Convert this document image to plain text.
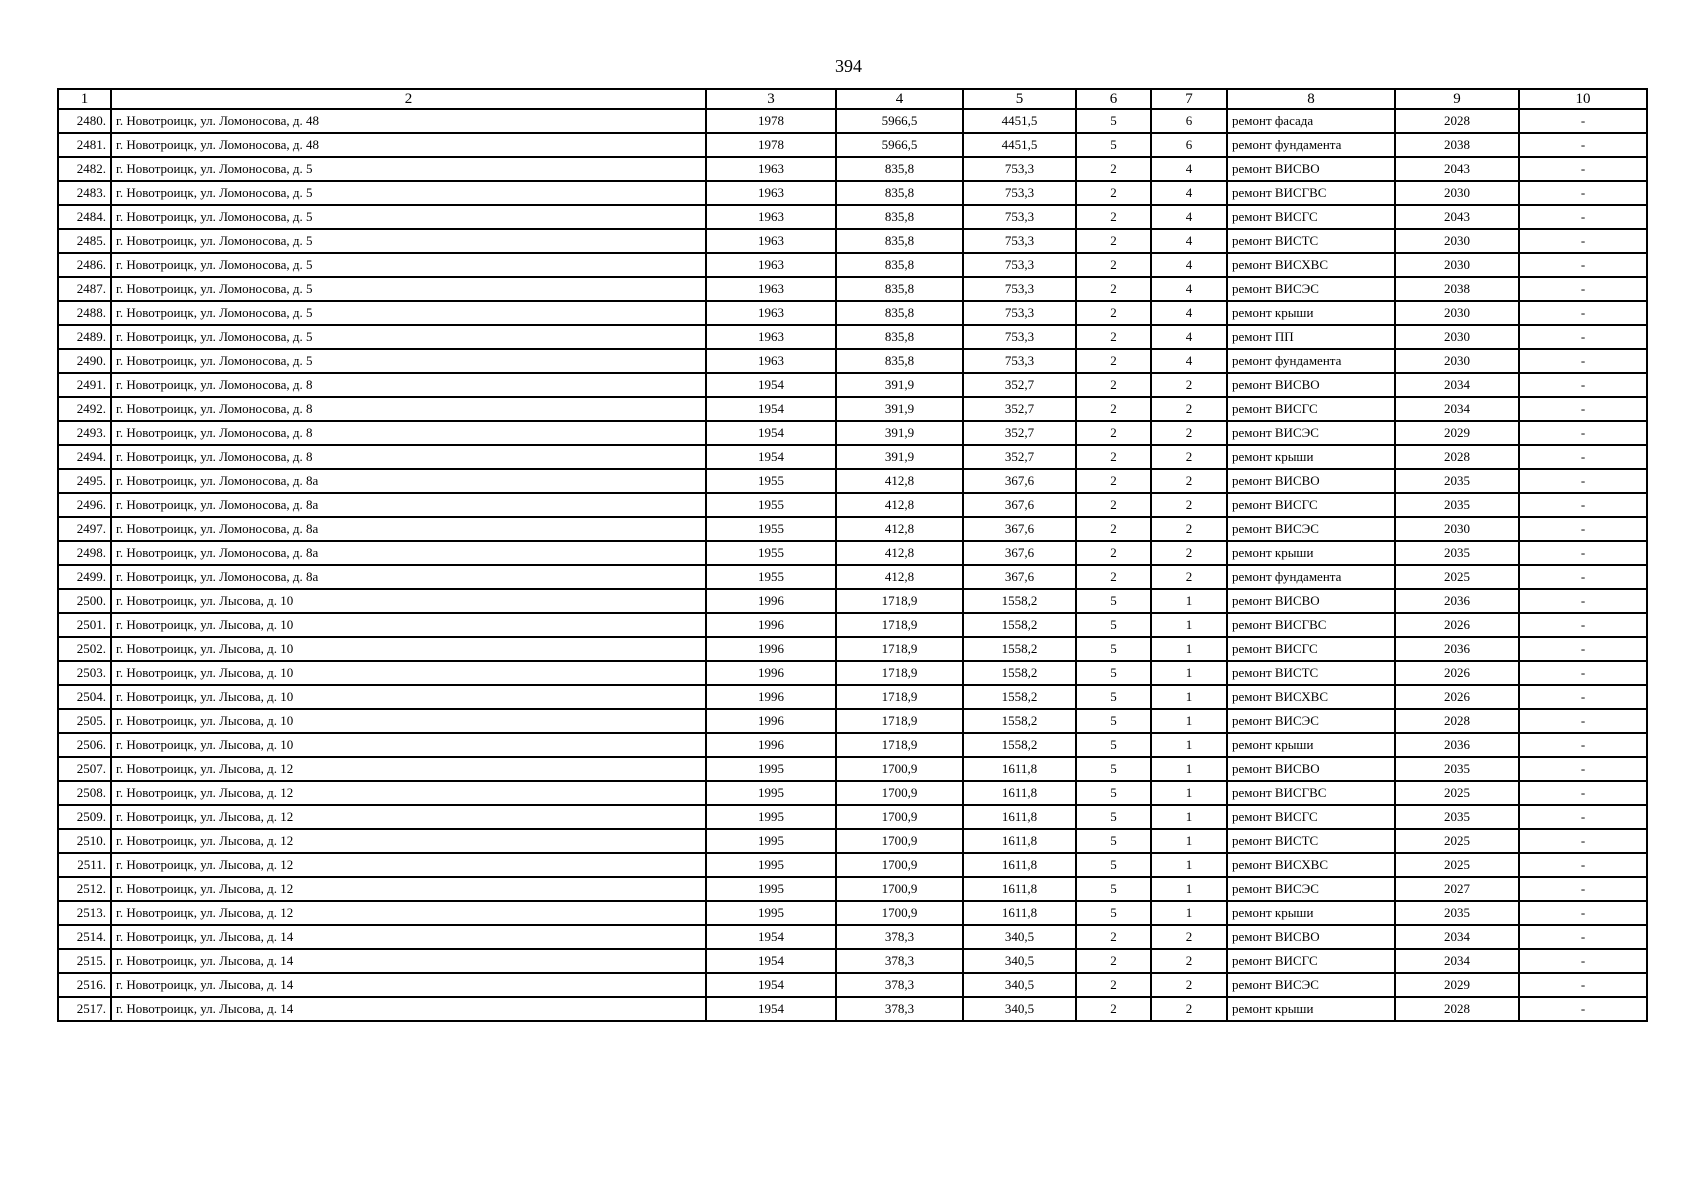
394
1	2	3	4	5	6	7	8	9	10
2480.	г. Новотроицк, ул. Ломоносова, д. 48	1978	5966,5	4451,5	5	6	ремонт фасада	2028	-
2481.	г. Новотроицк, ул. Ломоносова, д. 48	1978	5966,5	4451,5	5	6	ремонт фундамента	2038	-
2482.	г. Новотроицк, ул. Ломоносова, д. 5	1963	835,8	753,3	2	4	ремонт ВИСВО	2043	-
2483.	г. Новотроицк, ул. Ломоносова, д. 5	1963	835,8	753,3	2	4	ремонт ВИСГВС	2030	-
2484.	г. Новотроицк, ул. Ломоносова, д. 5	1963	835,8	753,3	2	4	ремонт ВИСГС	2043	-
2485.	г. Новотроицк, ул. Ломоносова, д. 5	1963	835,8	753,3	2	4	ремонт ВИСТС	2030	-
2486.	г. Новотроицк, ул. Ломоносова, д. 5	1963	835,8	753,3	2	4	ремонт ВИСХВС	2030	-
2487.	г. Новотроицк, ул. Ломоносова, д. 5	1963	835,8	753,3	2	4	ремонт ВИСЭС	2038	-
2488.	г. Новотроицк, ул. Ломоносова, д. 5	1963	835,8	753,3	2	4	ремонт крыши	2030	-
2489.	г. Новотроицк, ул. Ломоносова, д. 5	1963	835,8	753,3	2	4	ремонт ПП	2030	-
2490.	г. Новотроицк, ул. Ломоносова, д. 5	1963	835,8	753,3	2	4	ремонт фундамента	2030	-
2491.	г. Новотроицк, ул. Ломоносова, д. 8	1954	391,9	352,7	2	2	ремонт ВИСВО	2034	-
2492.	г. Новотроицк, ул. Ломоносова, д. 8	1954	391,9	352,7	2	2	ремонт ВИСГС	2034	-
2493.	г. Новотроицк, ул. Ломоносова, д. 8	1954	391,9	352,7	2	2	ремонт ВИСЭС	2029	-
2494.	г. Новотроицк, ул. Ломоносова, д. 8	1954	391,9	352,7	2	2	ремонт крыши	2028	-
2495.	г. Новотроицк, ул. Ломоносова, д. 8а	1955	412,8	367,6	2	2	ремонт ВИСВО	2035	-
2496.	г. Новотроицк, ул. Ломоносова, д. 8а	1955	412,8	367,6	2	2	ремонт ВИСГС	2035	-
2497.	г. Новотроицк, ул. Ломоносова, д. 8а	1955	412,8	367,6	2	2	ремонт ВИСЭС	2030	-
2498.	г. Новотроицк, ул. Ломоносова, д. 8а	1955	412,8	367,6	2	2	ремонт крыши	2035	-
2499.	г. Новотроицк, ул. Ломоносова, д. 8а	1955	412,8	367,6	2	2	ремонт фундамента	2025	-
2500.	г. Новотроицк, ул. Лысова, д. 10	1996	1718,9	1558,2	5	1	ремонт ВИСВО	2036	-
2501.	г. Новотроицк, ул. Лысова, д. 10	1996	1718,9	1558,2	5	1	ремонт ВИСГВС	2026	-
2502.	г. Новотроицк, ул. Лысова, д. 10	1996	1718,9	1558,2	5	1	ремонт ВИСГС	2036	-
2503.	г. Новотроицк, ул. Лысова, д. 10	1996	1718,9	1558,2	5	1	ремонт ВИСТС	2026	-
2504.	г. Новотроицк, ул. Лысова, д. 10	1996	1718,9	1558,2	5	1	ремонт ВИСХВС	2026	-
2505.	г. Новотроицк, ул. Лысова, д. 10	1996	1718,9	1558,2	5	1	ремонт ВИСЭС	2028	-
2506.	г. Новотроицк, ул. Лысова, д. 10	1996	1718,9	1558,2	5	1	ремонт крыши	2036	-
2507.	г. Новотроицк, ул. Лысова, д. 12	1995	1700,9	1611,8	5	1	ремонт ВИСВО	2035	-
2508.	г. Новотроицк, ул. Лысова, д. 12	1995	1700,9	1611,8	5	1	ремонт ВИСГВС	2025	-
2509.	г. Новотроицк, ул. Лысова, д. 12	1995	1700,9	1611,8	5	1	ремонт ВИСГС	2035	-
2510.	г. Новотроицк, ул. Лысова, д. 12	1995	1700,9	1611,8	5	1	ремонт ВИСТС	2025	-
2511.	г. Новотроицк, ул. Лысова, д. 12	1995	1700,9	1611,8	5	1	ремонт ВИСХВС	2025	-
2512.	г. Новотроицк, ул. Лысова, д. 12	1995	1700,9	1611,8	5	1	ремонт ВИСЭС	2027	-
2513.	г. Новотроицк, ул. Лысова, д. 12	1995	1700,9	1611,8	5	1	ремонт крыши	2035	-
2514.	г. Новотроицк, ул. Лысова, д. 14	1954	378,3	340,5	2	2	ремонт ВИСВО	2034	-
2515.	г. Новотроицк, ул. Лысова, д. 14	1954	378,3	340,5	2	2	ремонт ВИСГС	2034	-
2516.	г. Новотроицк, ул. Лысова, д. 14	1954	378,3	340,5	2	2	ремонт ВИСЭС	2029	-
2517.	г. Новотроицк, ул. Лысова, д. 14	1954	378,3	340,5	2	2	ремонт крыши	2028	-
